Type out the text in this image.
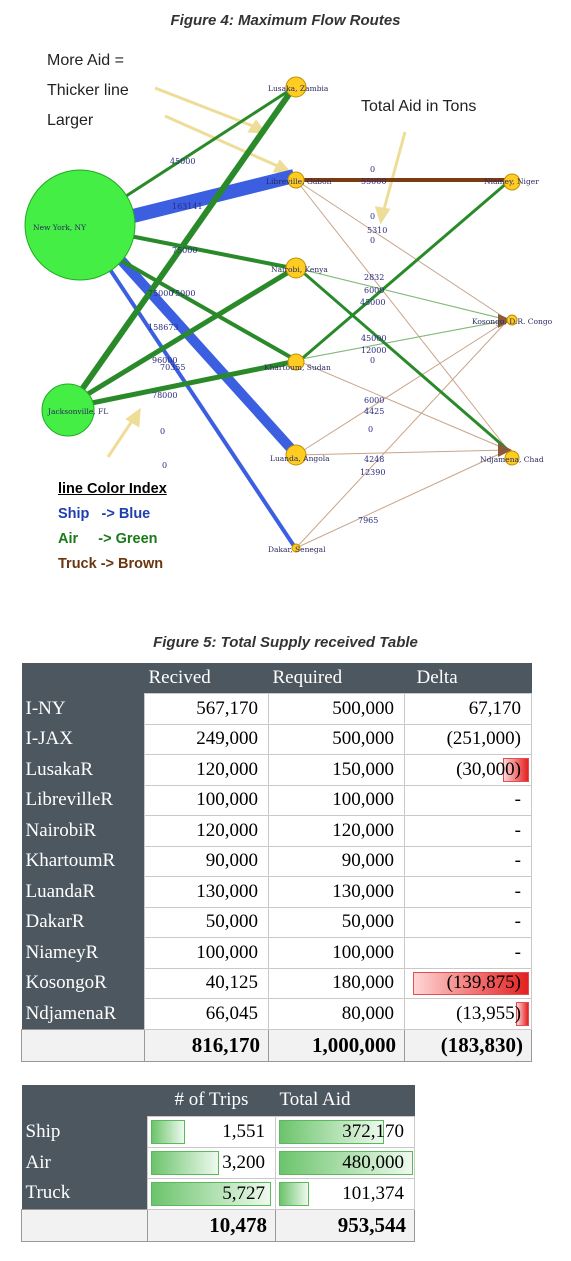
Figure 4: Maximum Flow Routes
More Aid =
Thicker line
Larger
Total Aid in Tons
New York, NY
Jacksonville, FL
Lusaka, Zambia
Libreville, Gabon
Nairobi, Kenya
Khartoum, Sudan
Luanda, Angola
Dakar, Senegal
Niamey, Niger
Kosongo, D.R. Congo
Ndjamena, Chad
45000
163141
75000
75000
75000
158673
96000
70355
78000
0
0
0
55000
0
5310
0
2832
6000
45000
45000
12000
0
6000
4425
0
4248
12390
7965
line Color Index
Ship   -> Blue
Air     -> Green
Truck -> Brown
Figure 5: Total Supply received Table
	Recived	Required	Delta
I-NY	567,170	500,000	67,170
I-JAX	249,000	500,000	(251,000)
LusakaR	120,000	150,000	(30,000)
LibrevilleR	100,000	100,000	-
NairobiR	120,000	120,000	-
KhartoumR	90,000	90,000	-
LuandaR	130,000	130,000	-
DakarR	50,000	50,000	-
NiameyR	100,000	100,000	-
KosongoR	40,125	180,000	(139,875)
NdjamenaR	66,045	80,000	(13,955)
	816,170	1,000,000	(183,830)
	# of Trips	Total Aid
Ship	1,551	372,170
Air	3,200	480,000
Truck	5,727	101,374
	10,478	953,544
